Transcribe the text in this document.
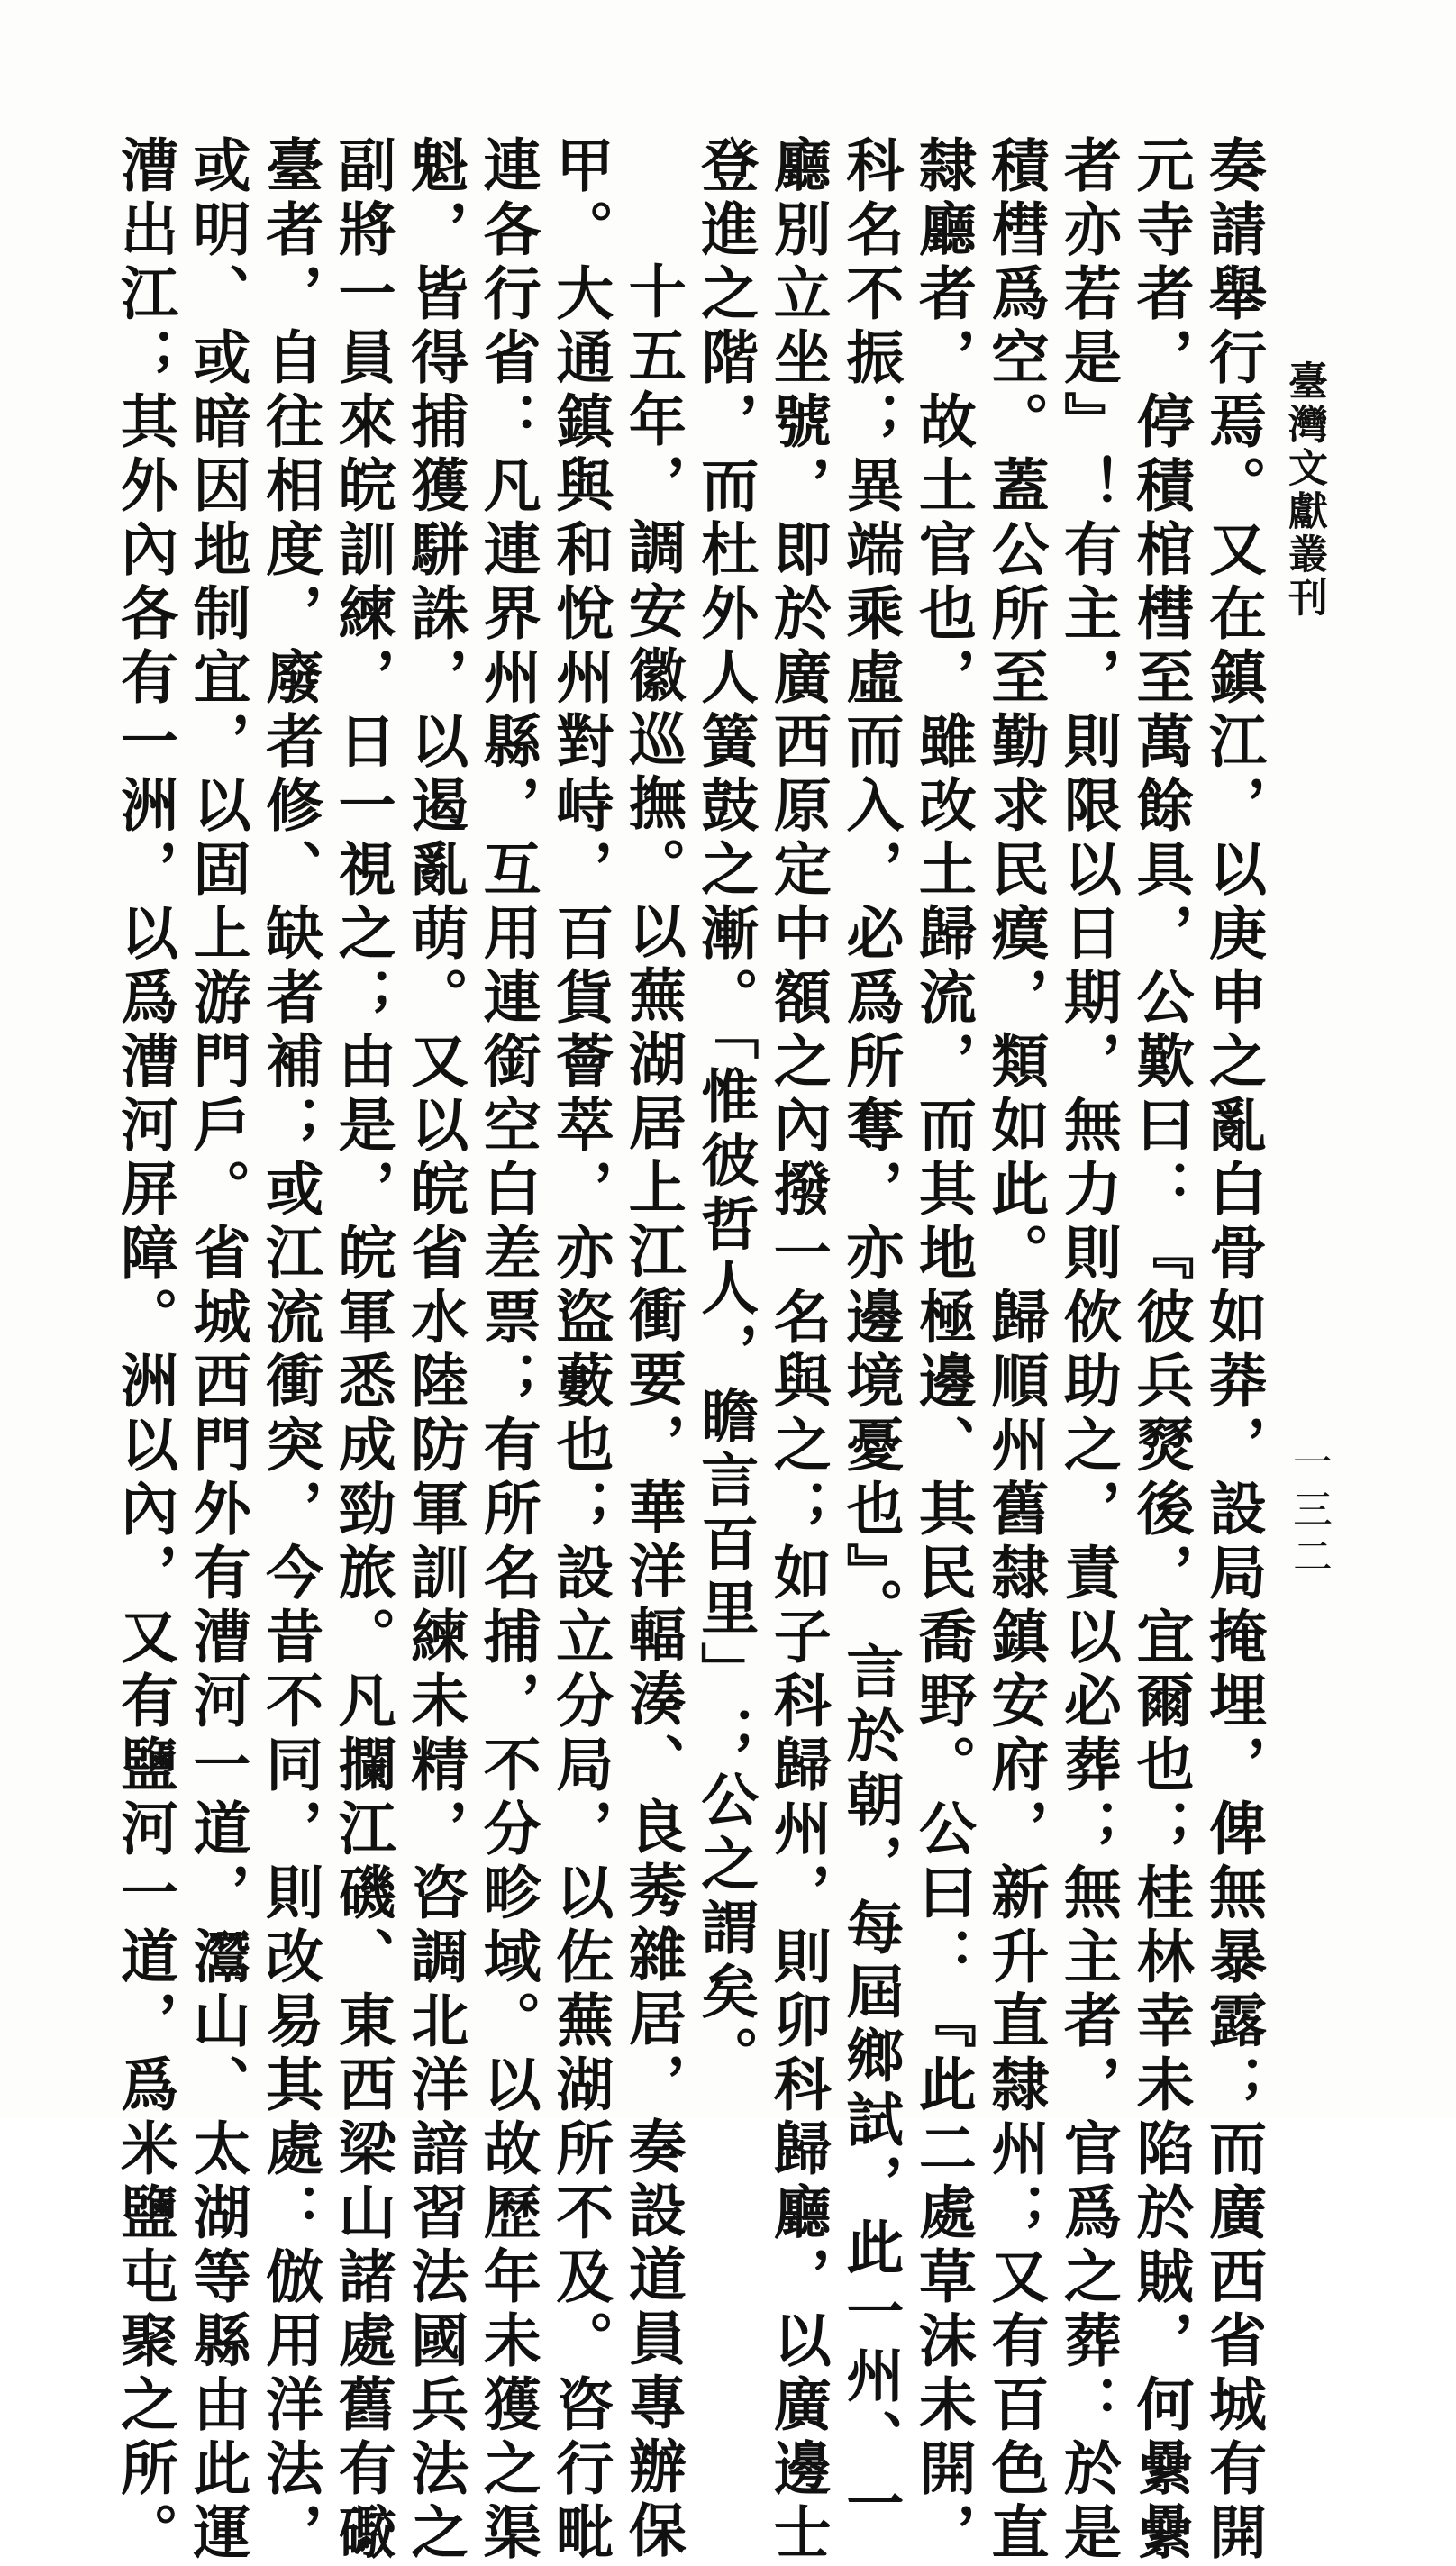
臺灣文獻叢刊
一三二
奏請舉行焉。又在鎮江，以庚申之亂白骨如莽，設局掩埋，俾無暴露；而廣西省城有開
元寺者，停積棺槥至萬餘具，公歎曰：『彼兵燹後，宜爾也；桂林幸未陷於賊，何纍纍
者亦若是』！有主，則限以日期，無力則佽助之，責以必葬；無主者，官爲之葬：於是
積槥爲空。蓋公所至勤求民瘼，類如此。歸順州舊隸鎮安府，新升直隸州；又有百色直
隸廳者，故土官也，雖改土歸流，而其地極邊、其民喬野。公曰：『此二處草沫未開，
科名不振；異端乘虛而入，必爲所奪，亦邊境憂也』。言於朝，每屆鄉試，此一州、一
廳別立坐號，即於廣西原定中額之內撥一名與之；如子科歸州，則卯科歸廳，以廣邊士
登進之階，而杜外人簧鼓之漸。「惟彼哲人，瞻言百里」；公之謂矣。
十五年，調安徽巡撫。以蕪湖居上江衝要，華洋輻湊、良莠雜居，奏設道員專辦保
甲。大通鎮與和悅州對峙，百貨薈萃，亦盜藪也；設立分局，以佐蕪湖所不及。咨行毗
連各行省：凡連界州縣，互用連銜空白差票；有所名捕，不分畛域。以故歷年未獲之渠
魁，皆得捕獲駢誅，以遏亂萌。又以皖省水陸防軍訓練未精，咨調北洋諳習法國兵法之
副將一員來皖訓練，日一視之；由是，皖軍悉成勁旅。凡攔江磯、東西梁山諸處舊有礮
臺者，自往相度，廢者修、缺者補；或江流衝突，今昔不同，則改易其處：倣用洋法，
或明、或暗因地制宜，以固上游門戶。省城西門外有漕河一道，灊山、太湖等縣由此運
漕出江；其外內各有一洲，以爲漕河屏障。洲以內，又有鹽河一道，爲米鹽屯聚之所。
